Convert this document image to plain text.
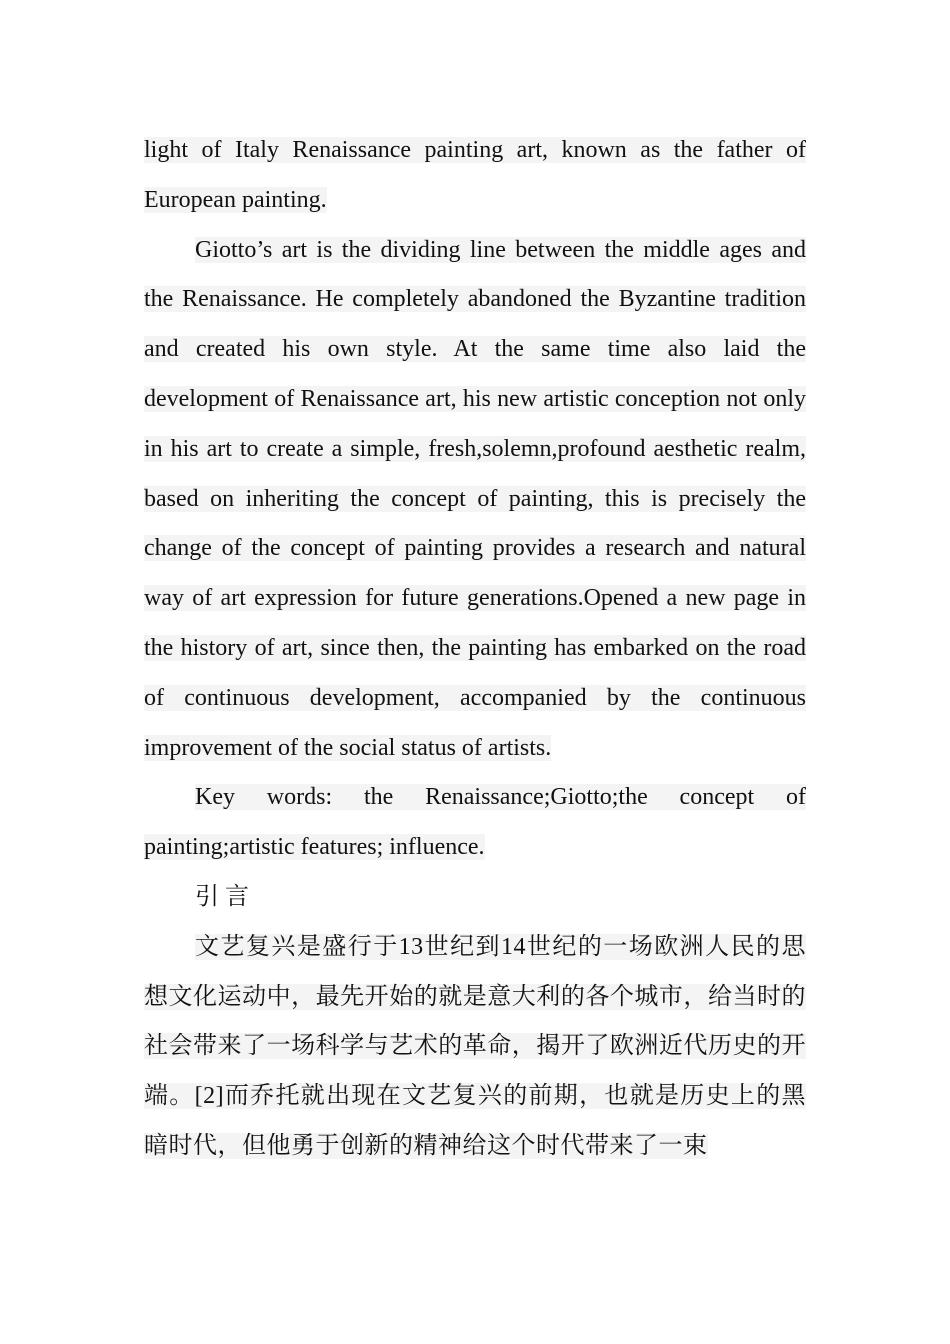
light of Italy Renaissance painting art, known as the father of European painting.

Giotto’s art is the dividing line between the middle ages and the Renaissance. He completely abandoned the Byzantine tradition and created his own style. At the same time also laid the development of Renaissance art, his new artistic conception not only in his art to create a simple, fresh,solemn,profound aesthetic realm, based on inheriting the concept of painting, this is precisely the change of the concept of painting provides a research and natural way of art expression for future generations.Opened a new page in the history of art, since then, the painting has embarked on the road of continuous development, accompanied by the continuous improvement of the social status of artists.

Key words: the Renaissance;Giotto;the concept of painting;artistic features; influence.

引 言

文艺复兴是盛行于13世纪到14世纪的一场欧洲人民的思想文化运动中，最先开始的就是意大利的各个城市，给当时的社会带来了一场科学与艺术的革命，揭开了欧洲近代历史的开端。[2]而乔托就出现在文艺复兴的前期，也就是历史上的黑暗时代，但他勇于创新的精神给这个时代带来了一束
